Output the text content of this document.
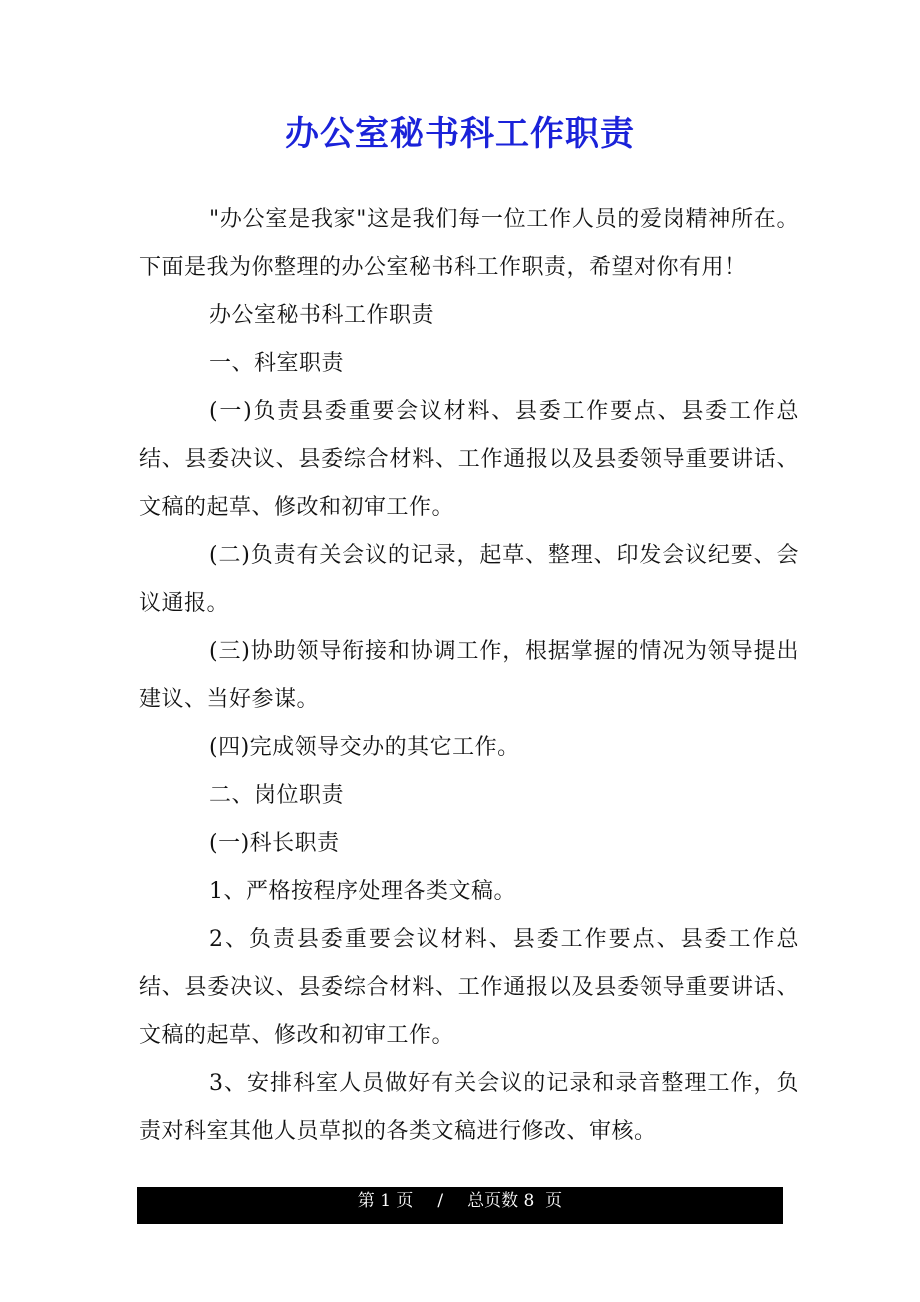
办公室秘书科工作职责

"办公室是我家"这是我们每一位工作人员的爱岗精神所在。下面是我为你整理的办公室秘书科工作职责，希望对你有用！

办公室秘书科工作职责

一、科室职责

(一)负责县委重要会议材料、县委工作要点、县委工作总结、县委决议、县委综合材料、工作通报以及县委领导重要讲话、文稿的起草、修改和初审工作。

(二)负责有关会议的记录，起草、整理、印发会议纪要、会议通报。

(三)协助领导衔接和协调工作，根据掌握的情况为领导提出建议、当好参谋。

(四)完成领导交办的其它工作。

二、岗位职责

(一)科长职责

1、严格按程序处理各类文稿。

2、负责县委重要会议材料、县委工作要点、县委工作总结、县委决议、县委综合材料、工作通报以及县委领导重要讲话、文稿的起草、修改和初审工作。

3、安排科室人员做好有关会议的记录和录音整理工作，负责对科室其他人员草拟的各类文稿进行修改、审核。

第 1 页 / 总页数 8  页
